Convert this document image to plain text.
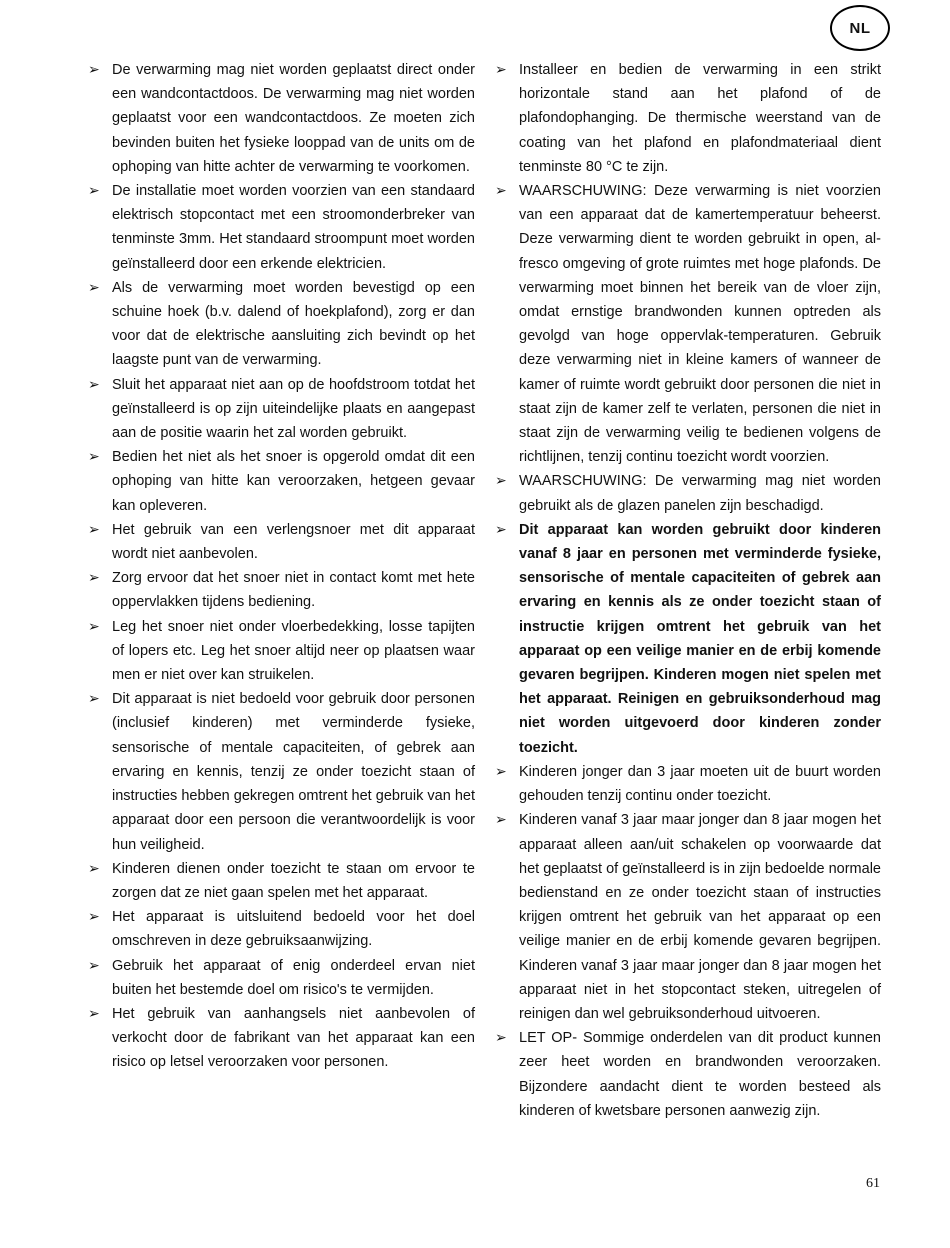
NL
➢ De verwarming mag niet worden geplaatst direct onder een wandcontactdoos. De verwarming mag niet worden geplaatst voor een wandcontactdoos. Ze moeten zich bevinden buiten het fysieke looppad van de units om de ophoping van hitte achter de verwarming te voorkomen.

➢ De installatie moet worden voorzien van een standaard elektrisch stopcontact met een stroomonderbreker van tenminste 3mm. Het standaard stroompunt moet worden geïnstalleerd door een erkende elektricien.

➢ Als de verwarming moet worden bevestigd op een schuine hoek (b.v. dalend of hoekplafond), zorg er dan voor dat de elektrische aansluiting zich bevindt op het laagste punt van de verwarming.

➢ Sluit het apparaat niet aan op de hoofdstroom totdat het geïnstalleerd is op zijn uiteindelijke plaats en aangepast aan de positie waarin het zal worden gebruikt.

➢ Bedien het niet als het snoer is opgerold omdat dit een ophoping van hitte kan veroorzaken, hetgeen gevaar kan opleveren.

➢ Het gebruik van een verlengsnoer met dit apparaat wordt niet aanbevolen.

➢ Zorg ervoor dat het snoer niet in contact komt met hete oppervlakken tijdens bediening.

➢ Leg het snoer niet onder vloerbedekking, losse tapijten of lopers etc. Leg het snoer altijd neer op plaatsen waar men er niet over kan struikelen.

➢ Dit apparaat is niet bedoeld voor gebruik door personen (inclusief kinderen) met verminderde fysieke, sensorische of mentale capaciteiten, of gebrek aan ervaring en kennis, tenzij ze onder toezicht staan of instructies hebben gekregen omtrent het gebruik van het apparaat door een persoon die verantwoordelijk is voor hun veiligheid.

➢ Kinderen dienen onder toezicht te staan om ervoor te zorgen dat ze niet gaan spelen met het apparaat.

➢ Het apparaat is uitsluitend bedoeld voor het doel omschreven in deze gebruiksaanwijzing.

➢ Gebruik het apparaat of enig onderdeel ervan niet buiten het bestemde doel om risico's te vermijden.

➢ Het gebruik van aanhangsels niet aanbevolen of verkocht door de fabrikant van het apparaat kan een risico op letsel veroorzaken voor personen.

➢ Installeer en bedien de verwarming in een strikt horizontale stand aan het plafond of de plafondophanging. De thermische weerstand van de coating van het plafond en plafondmateriaal dient tenminste 80 °C te zijn.

➢ WAARSCHUWING: Deze verwarming is niet voorzien van een apparaat dat de kamertemperatuur beheerst. Deze verwarming dient te worden gebruikt in open, al-fresco omgeving of grote ruimtes met hoge plafonds. De verwarming moet binnen het bereik van de vloer zijn, omdat ernstige brandwonden kunnen optreden als gevolgd van hoge oppervlak-temperaturen. Gebruik deze verwarming niet in kleine kamers of wanneer de kamer of ruimte wordt gebruikt door personen die niet in staat zijn de kamer zelf te verlaten, personen die niet in staat zijn de verwarming veilig te bedienen volgens de richtlijnen, tenzij continu toezicht wordt voorzien.

➢ WAARSCHUWING: De verwarming mag niet worden gebruikt als de glazen panelen zijn beschadigd.

➢ Dit apparaat kan worden gebruikt door kinderen vanaf 8 jaar en personen met verminderde fysieke, sensorische of mentale capaciteiten of gebrek aan ervaring en kennis als ze onder toezicht staan of instructie krijgen omtrent het gebruik van het apparaat op een veilige manier en de erbij komende gevaren begrijpen. Kinderen mogen niet spelen met het apparaat. Reinigen en gebruiksonderhoud mag niet worden uitgevoerd door kinderen zonder toezicht.

➢ Kinderen jonger dan 3 jaar moeten uit de buurt worden gehouden tenzij continu onder toezicht.

➢ Kinderen vanaf 3 jaar maar jonger dan 8 jaar mogen het apparaat alleen aan/uit schakelen op voorwaarde dat het geplaatst of geïnstalleerd is in zijn bedoelde normale bedienstand en ze onder toezicht staan of instructies krijgen omtrent het gebruik van het apparaat op een veilige manier en de erbij komende gevaren begrijpen. Kinderen vanaf 3 jaar maar jonger dan 8 jaar mogen het apparaat niet in het stopcontact steken, uitregelen of reinigen dan wel gebruiksonderhoud uitvoeren.

➢ LET OP- Sommige onderdelen van dit product kunnen zeer heet worden en brandwonden veroorzaken. Bijzondere aandacht dient te worden besteed als kinderen of kwetsbare personen aanwezig zijn.

61
